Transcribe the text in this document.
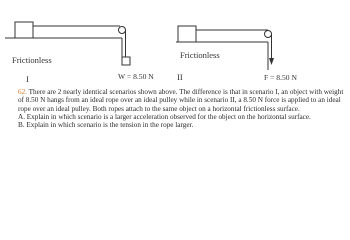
Frictionless
I	W = 8.50 N
Frictionless
II	F = 8.50 N

62. There are 2 nearly identical scenarios shown above. The difference is that in scenario I, an object with weight of 8.50 N hangs from an ideal rope over an ideal pulley while in scenario II, a 8.50 N force is applied to an ideal rope over an ideal pulley. Both ropes attach to the same object on a horizontal frictionless surface.

A. Explain in which scenario is a larger acceleration observed for the object on the horizontal surface.

B. Explain in which scenario is the tension in the rope larger.
